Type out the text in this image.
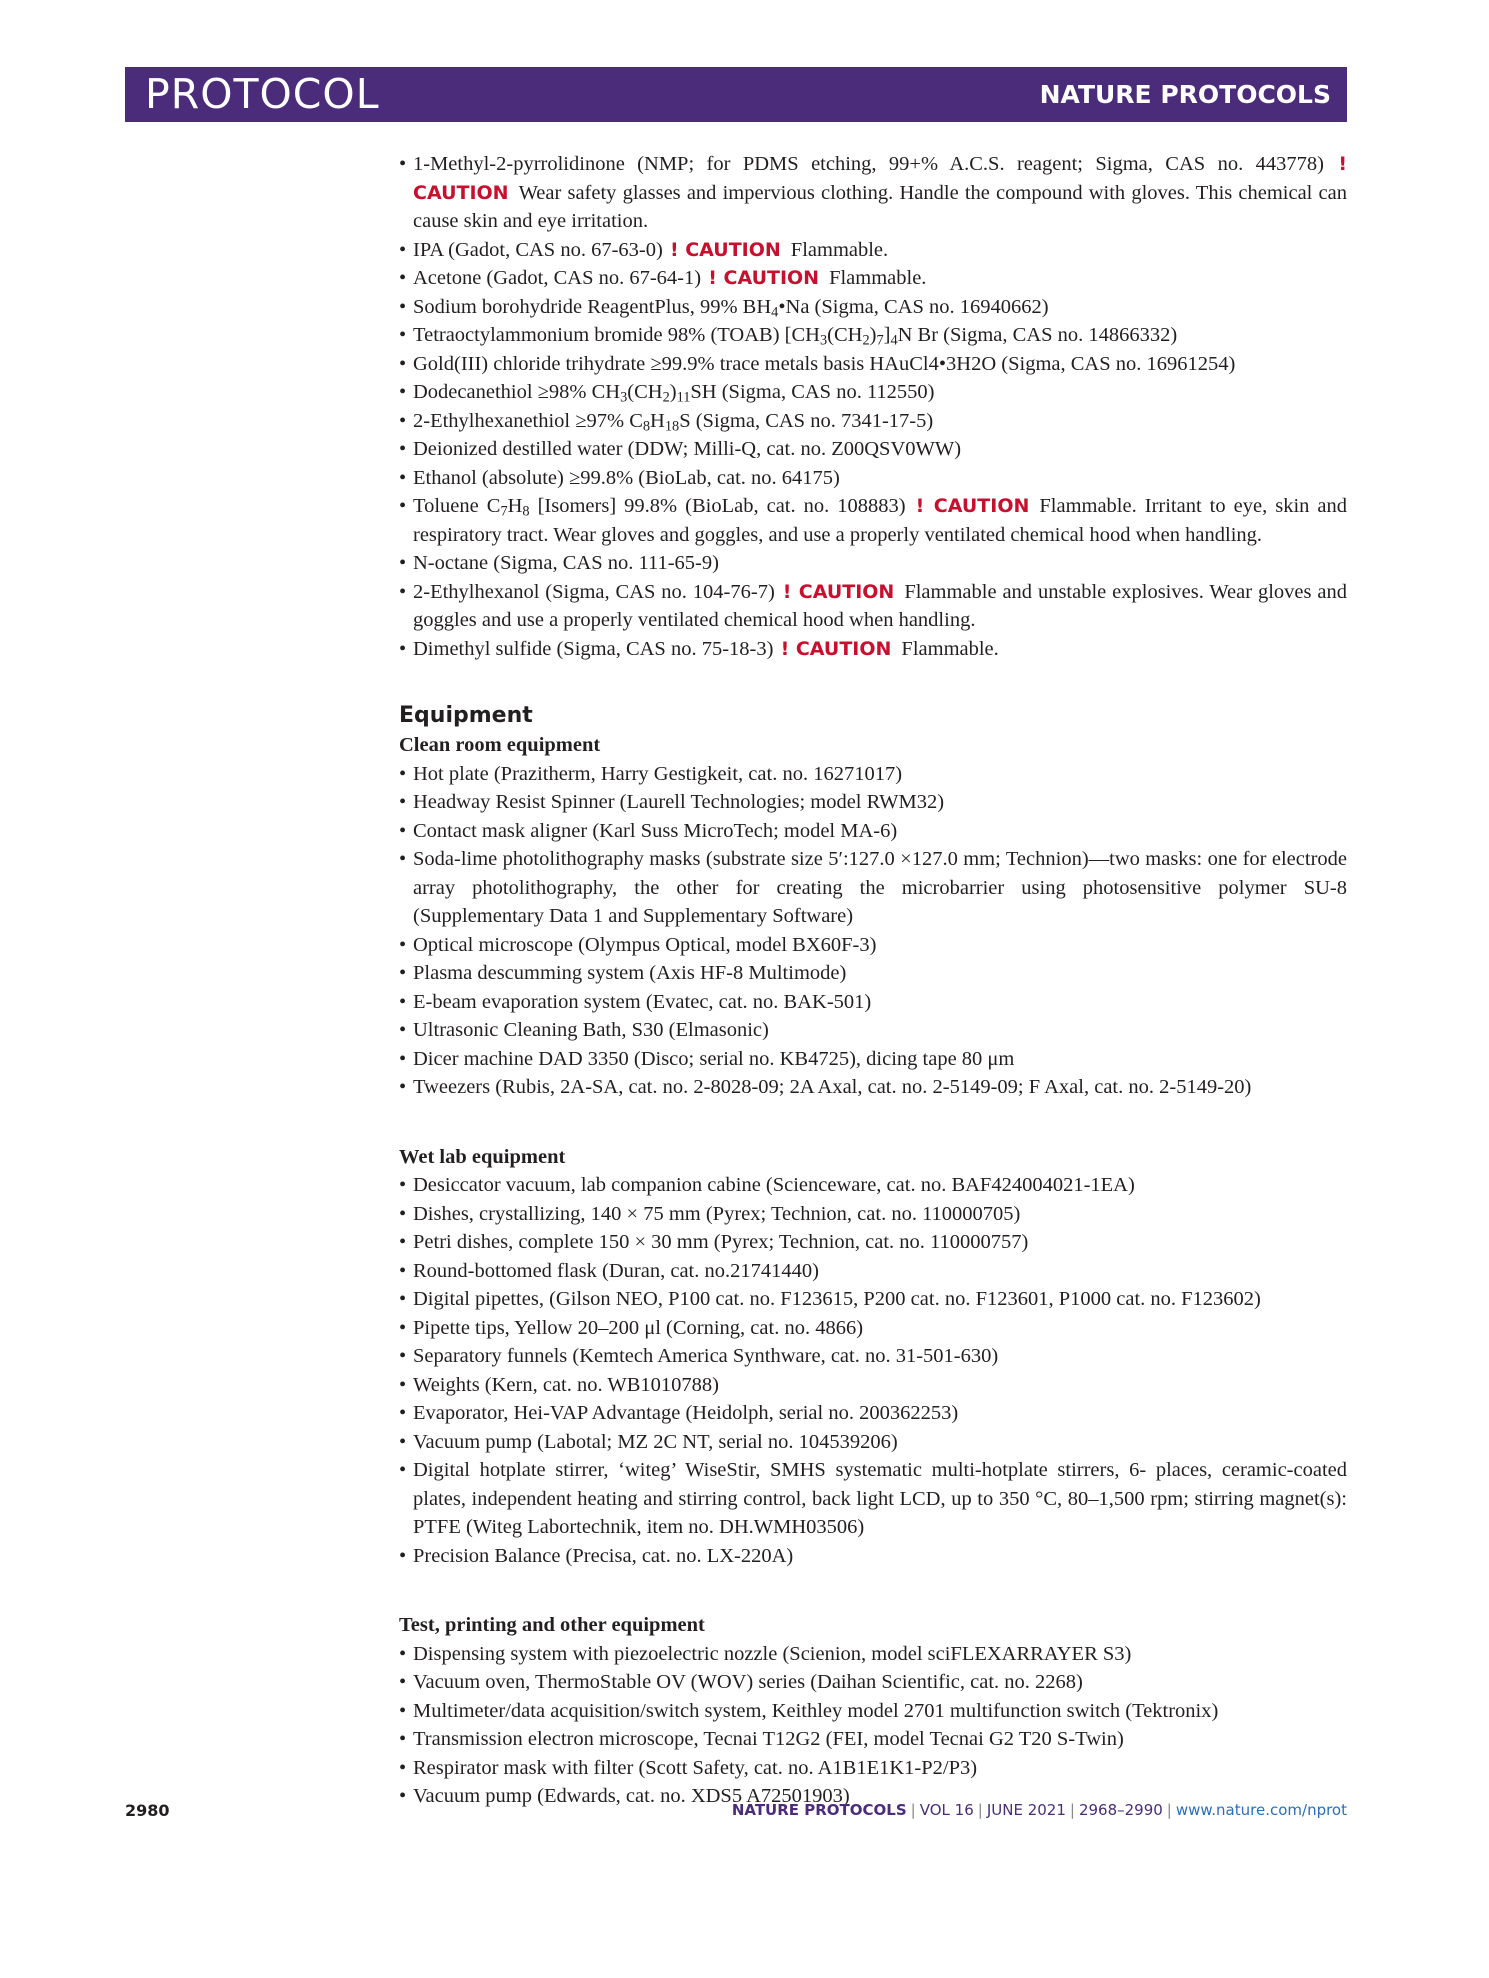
PROTOCOL	NATURE PROTOCOLS
• 1-Methyl-2-pyrrolidinone (NMP; for PDMS etching, 99+% A.C.S. reagent; Sigma, CAS no. 443778) ! CAUTION Wear safety glasses and impervious clothing. Handle the compound with gloves. This chemical can cause skin and eye irritation.
• IPA (Gadot, CAS no. 67-63-0) ! CAUTION Flammable.
• Acetone (Gadot, CAS no. 67-64-1) ! CAUTION Flammable.
• Sodium borohydride ReagentPlus, 99% $BH_4•Na$ (Sigma, CAS no. 16940662)
• Tetraoctylammonium bromide 98% (TOAB) $[CH_3(CH_2)_7]_4N$ Br (Sigma, CAS no. 14866332)
• Gold(III) chloride trihydrate ≥99.9% trace metals basis HAuCl4•3H2O (Sigma, CAS no. 16961254)
• Dodecanethiol ≥98% $CH_3(CH_2)_{11}SH$ (Sigma, CAS no. 112550)
• 2-Ethylhexanethiol ≥97% $C_8H_{18}S$ (Sigma, CAS no. 7341-17-5)
• Deionized destilled water (DDW; Milli-Q, cat. no. Z00QSV0WW)
• Ethanol (absolute) ≥99.8% (BioLab, cat. no. 64175)
• Toluene $C_7H_8$ [Isomers] 99.8% (BioLab, cat. no. 108883) ! CAUTION Flammable. Irritant to eye, skin and respiratory tract. Wear gloves and goggles, and use a properly ventilated chemical hood when handling.
• N-octane (Sigma, CAS no. 111-65-9)
• 2-Ethylhexanol (Sigma, CAS no. 104-76-7) ! CAUTION Flammable and unstable explosives. Wear gloves and goggles and use a properly ventilated chemical hood when handling.
• Dimethyl sulfide (Sigma, CAS no. 75-18-3) ! CAUTION Flammable.
Equipment
Clean room equipment
• Hot plate (Prazitherm, Harry Gestigkeit, cat. no. 16271017)
• Headway Resist Spinner (Laurell Technologies; model RWM32)
• Contact mask aligner (Karl Suss MicroTech; model MA-6)
• Soda-lime photolithography masks (substrate size 5′:127.0 ×127.0 mm; Technion)—two masks: one for electrode array photolithography, the other for creating the microbarrier using photosensitive polymer SU-8 (Supplementary Data 1 and Supplementary Software)
• Optical microscope (Olympus Optical, model BX60F-3)
• Plasma descumming system (Axis HF-8 Multimode)
• E-beam evaporation system (Evatec, cat. no. BAK-501)
• Ultrasonic Cleaning Bath, S30 (Elmasonic)
• Dicer machine DAD 3350 (Disco; serial no. KB4725), dicing tape 80 μm
• Tweezers (Rubis, 2A-SA, cat. no. 2-8028-09; 2A Axal, cat. no. 2-5149-09; F Axal, cat. no. 2-5149-20)
Wet lab equipment
• Desiccator vacuum, lab companion cabine (Scienceware, cat. no. BAF424004021-1EA)
• Dishes, crystallizing, 140 × 75 mm (Pyrex; Technion, cat. no. 110000705)
• Petri dishes, complete 150 × 30 mm (Pyrex; Technion, cat. no. 110000757)
• Round-bottomed flask (Duran, cat. no.21741440)
• Digital pipettes, (Gilson NEO, P100 cat. no. F123615, P200 cat. no. F123601, P1000 cat. no. F123602)
• Pipette tips, Yellow 20–200 μl (Corning, cat. no. 4866)
• Separatory funnels (Kemtech America Synthware, cat. no. 31-501-630)
• Weights (Kern, cat. no. WB1010788)
• Evaporator, Hei-VAP Advantage (Heidolph, serial no. 200362253)
• Vacuum pump (Labotal; MZ 2C NT, serial no. 104539206)
• Digital hotplate stirrer, ‘witeg’ WiseStir, SMHS systematic multi-hotplate stirrers, 6- places, ceramic-coated plates, independent heating and stirring control, back light LCD, up to 350 °C, 80–1,500 rpm; stirring magnet(s): PTFE (Witeg Labortechnik, item no. DH.WMH03506)
• Precision Balance (Precisa, cat. no. LX-220A)
Test, printing and other equipment
• Dispensing system with piezoelectric nozzle (Scienion, model sciFLEXARRAYER S3)
• Vacuum oven, ThermoStable OV (WOV) series (Daihan Scientific, cat. no. 2268)
• Multimeter/data acquisition/switch system, Keithley model 2701 multifunction switch (Tektronix)
• Transmission electron microscope, Tecnai T12G2 (FEI, model Tecnai G2 T20 S-Twin)
• Respirator mask with filter (Scott Safety, cat. no. A1B1E1K1-P2/P3)
• Vacuum pump (Edwards, cat. no. XDS5 A72501903)
2980	NATURE PROTOCOLS | VOL 16 | JUNE 2021 | 2968–2990 | www.nature.com/nprot
